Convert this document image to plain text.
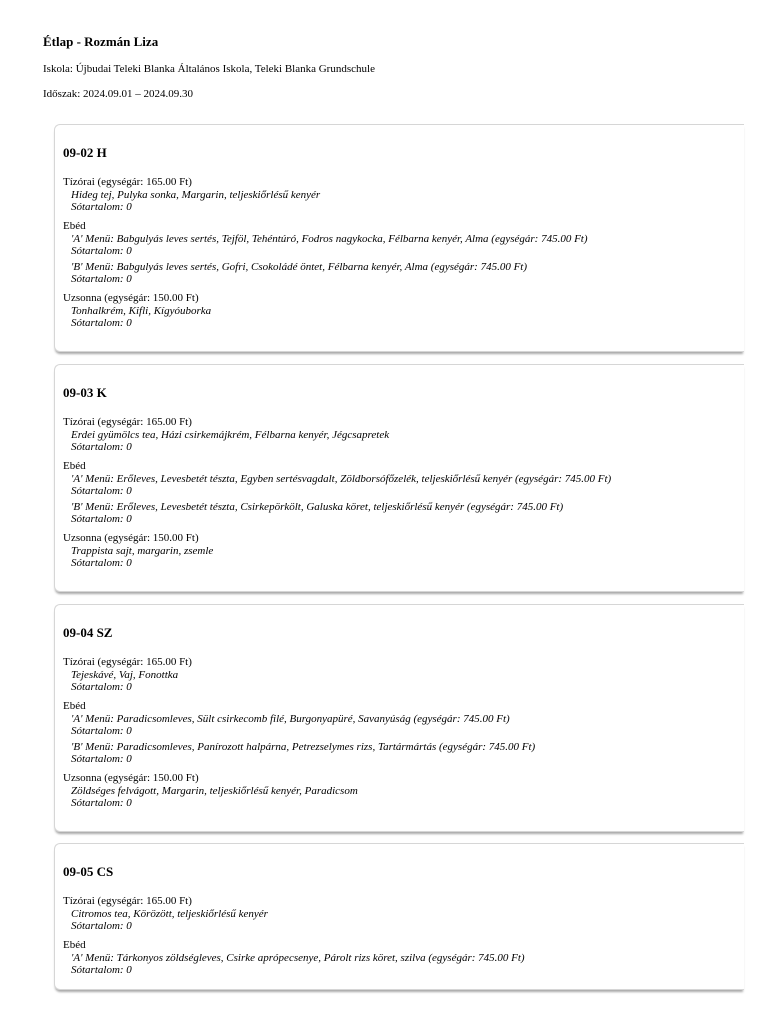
Étlap - Rozmán Liza

Iskola: Újbudai Teleki Blanka Általános Iskola, Teleki Blanka Grundschule

Időszak: 2024.09.01 – 2024.09.30

09-02 H
Tízórai (egységár: 165.00 Ft)
Hideg tej, Pulyka sonka, Margarin, teljeskiőrlésű kenyér
Sótartalom: 0
Ebéd
'A' Menü: Babgulyás leves sertés, Tejföl, Tehéntúró, Fodros nagykocka, Félbarna kenyér, Alma (egységár: 745.00 Ft)
Sótartalom: 0
'B' Menü: Babgulyás leves sertés, Gofri, Csokoládé öntet, Félbarna kenyér, Alma (egységár: 745.00 Ft)
Sótartalom: 0
Uzsonna (egységár: 150.00 Ft)
Tonhalkrém, Kifli, Kígyóuborka
Sótartalom: 0
09-03 K
Tízórai (egységár: 165.00 Ft)
Erdei gyümölcs tea, Házi csirkemájkrém, Félbarna kenyér, Jégcsapretek
Sótartalom: 0
Ebéd
'A' Menü: Erőleves, Levesbetét tészta, Egyben sertésvagdalt, Zöldborsófőzelék, teljeskiőrlésű kenyér (egységár: 745.00 Ft)
Sótartalom: 0
'B' Menü: Erőleves, Levesbetét tészta, Csirkepörkölt, Galuska köret, teljeskiőrlésű kenyér (egységár: 745.00 Ft)
Sótartalom: 0
Uzsonna (egységár: 150.00 Ft)
Trappista sajt, margarin, zsemle
Sótartalom: 0
09-04 SZ
Tízórai (egységár: 165.00 Ft)
Tejeskávé, Vaj, Fonottka
Sótartalom: 0
Ebéd
'A' Menü: Paradicsomleves, Sült csirkecomb filé, Burgonyapüré, Savanyúság (egységár: 745.00 Ft)
Sótartalom: 0
'B' Menü: Paradicsomleves, Panírozott halpárna, Petrezselymes rizs, Tartármártás (egységár: 745.00 Ft)
Sótartalom: 0
Uzsonna (egységár: 150.00 Ft)
Zöldséges felvágott, Margarin, teljeskiőrlésű kenyér, Paradicsom
Sótartalom: 0
09-05 CS
Tízórai (egységár: 165.00 Ft)
Citromos tea, Körözött, teljeskiőrlésű kenyér
Sótartalom: 0
Ebéd
'A' Menü: Tárkonyos zöldségleves, Csirke aprópecsenye, Párolt rizs köret, szilva (egységár: 745.00 Ft)
Sótartalom: 0
